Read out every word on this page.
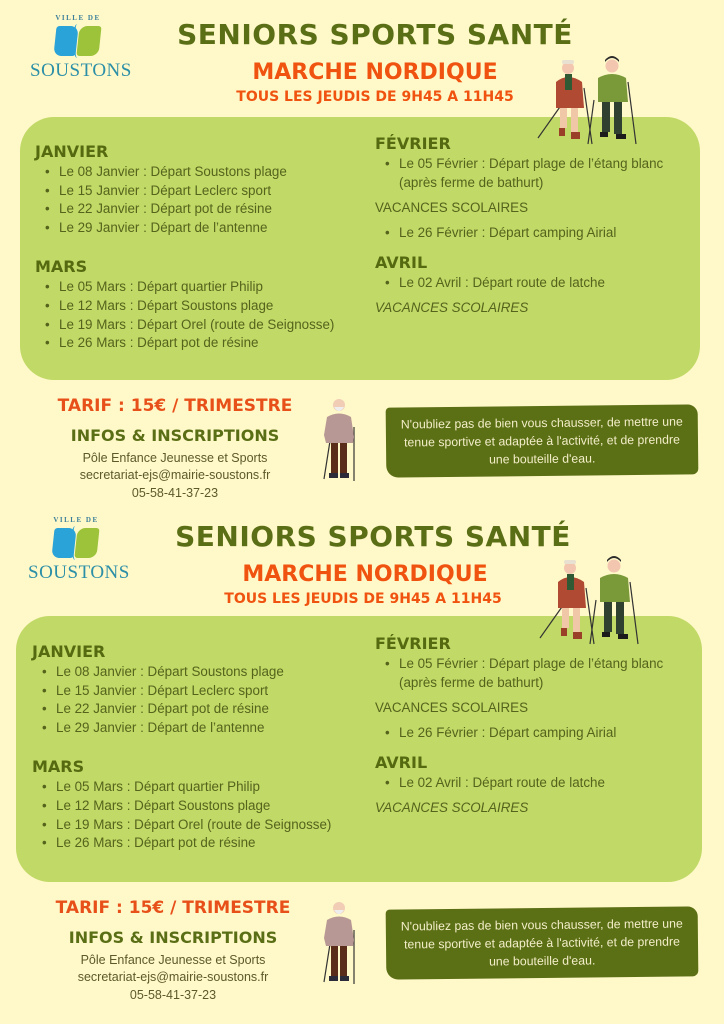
VILLE DE
SOUSTONS
SENIORS SPORTS SANTÉ
MARCHE NORDIQUE
TOUS LES JEUDIS DE 9H45 A 11H45
JANVIER
• Le 08 Janvier : Départ Soustons plage
• Le 15 Janvier : Départ Leclerc sport
• Le 22 Janvier : Départ pot de résine
• Le 29 Janvier : Départ de l’antenne
MARS
• Le 05 Mars : Départ quartier Philip
• Le 12 Mars : Départ Soustons plage
• Le 19 Mars : Départ Orel (route de Seignosse)
• Le 26 Mars : Départ pot de résine
FÉVRIER
• Le 05 Février : Départ plage de l’étang blanc (après ferme de bathurt)
VACANCES SCOLAIRES
• Le 26 Février : Départ camping Airial
AVRIL
• Le 02 Avril : Départ route de latche
VACANCES SCOLAIRES
TARIF : 15€ / TRIMESTRE
INFOS & INSCRIPTIONS
Pôle Enfance Jeunesse et Sports
secretariat-ejs@mairie-soustons.fr
05-58-41-37-23

N'oubliez pas de bien vous chausser, de mettre une tenue sportive et adaptée à l'activité, et de prendre une bouteille d'eau.

VILLE DE
SOUSTONS
SENIORS SPORTS SANTÉ
MARCHE NORDIQUE
TOUS LES JEUDIS DE 9H45 A 11H45
JANVIER
• Le 08 Janvier : Départ Soustons plage
• Le 15 Janvier : Départ Leclerc sport
• Le 22 Janvier : Départ pot de résine
• Le 29 Janvier : Départ de l’antenne
MARS
• Le 05 Mars : Départ quartier Philip
• Le 12 Mars : Départ Soustons plage
• Le 19 Mars : Départ Orel (route de Seignosse)
• Le 26 Mars : Départ pot de résine
FÉVRIER
• Le 05 Février : Départ plage de l’étang blanc (après ferme de bathurt)
VACANCES SCOLAIRES
• Le 26 Février : Départ camping Airial
AVRIL
• Le 02 Avril : Départ route de latche
VACANCES SCOLAIRES
TARIF : 15€ / TRIMESTRE
INFOS & INSCRIPTIONS
Pôle Enfance Jeunesse et Sports
secretariat-ejs@mairie-soustons.fr
05-58-41-37-23

N'oubliez pas de bien vous chausser, de mettre une tenue sportive et adaptée à l'activité, et de prendre une bouteille d'eau.
